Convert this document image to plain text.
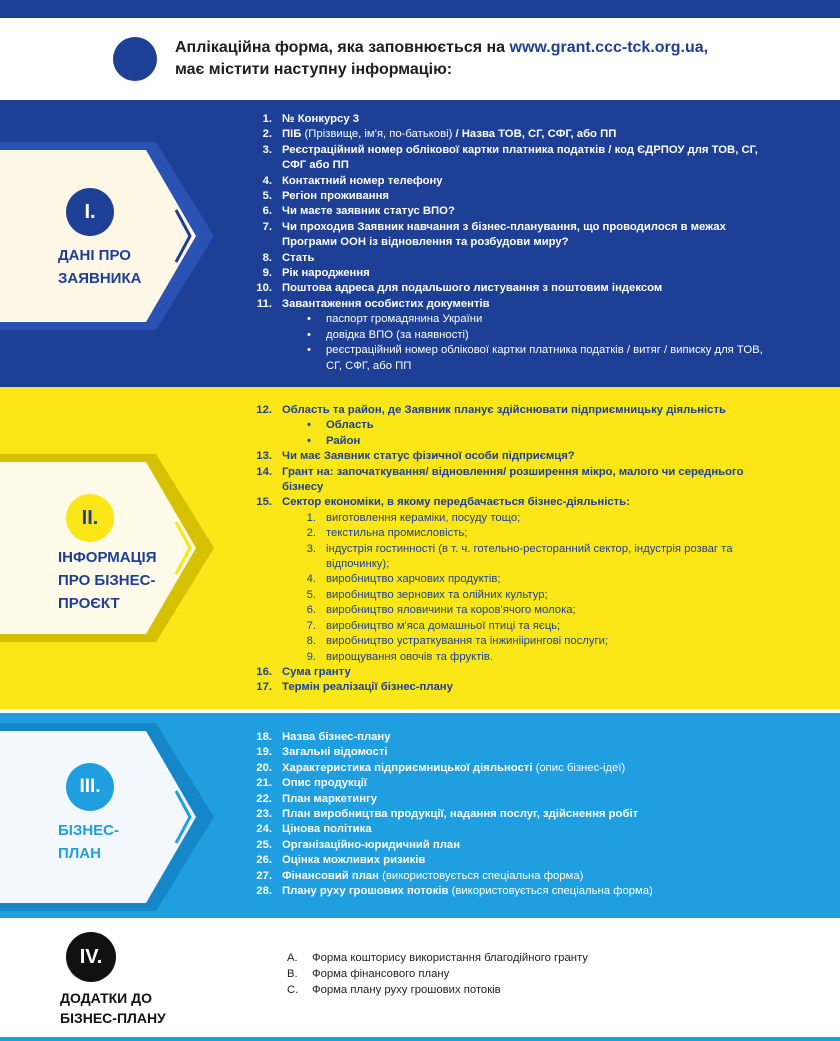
Аплікаційна форма, яка заповнюється на www.grant.ccc-tck.org.ua,
має містити наступну інформацію:
I.
ДАНІ ПРО
ЗАЯВНИКА
1. № Конкурсу 3
2. ПІБ (Прізвище, ім'я, по-батькові) / Назва ТОВ, СГ, СФГ, або ПП
3. Реєстраційний номер облікової картки платника податків / код ЄДРПОУ для ТОВ, СГ, СФГ або ПП
4. Контактний номер телефону
5. Регіон проживання
6. Чи маєте заявник статус ВПО?
7. Чи проходив Заявник навчання з бізнес-планування, що проводилося в межах Програми ООН із відновлення та розбудови миру?
8. Стать
9. Рік народження
10. Поштова адреса для подальшого листування з поштовим індексом
11. Завантаження особистих документів
• паспорт громадянина України
• довідка ВПО (за наявності)
• реєстраційний номер облікової картки платника податків / витяг / виписку для ТОВ, СГ, СФГ, або ПП
II.
ІНФОРМАЦІЯ
ПРО БІЗНЕС-
ПРОЄКТ
12. Область та район, де Заявник планує здійснювати підприємницьку діяльність
• Область
• Район
13. Чи має Заявник статус фізичної особи підприємця?
14. Грант на: започаткування/ відновлення/ розширення мікро, малого чи середнього бізнесу
15. Сектор економіки, в якому передбачається бізнес-діяльність:
1. виготовлення кераміки, посуду тощо;
2. текстильна промисловість;
3. індустрія гостинності (в т. ч. готельно-ресторанний сектор, індустрія розваг та відпочинку);
4. виробництво харчових продуктів;
5. виробництво зернових та олійних культур;
6. виробництво яловичини та коров'ячого молока;
7. виробництво м'яса домашньої птиці та яєць;
8. виробництво устраткування та інжиніірингові послуги;
9. вирощування овочів та фруктів.
16. Сума гранту
17. Термін реалізації бізнес-плану
III.
БІЗНЕС-
ПЛАН
18. Назва бізнес-плану
19. Загальні відомості
20. Характеристика підприємницької діяльності (опис бізнес-ідеї)
21. Опис продукції
22. План маркетингу
23. План виробництва продукції, надання послуг, здійснення робіт
24. Цінова політика
25. Організаційно-юридичний план
26. Оцінка можливих ризиків
27. Фінансовий план (використовується спеціальна форма)
28. Плану руху грошових потоків (використовується спеціальна форма)
IV.
ДОДАТКИ ДО
БІЗНЕС-ПЛАНУ
А. Форма кошторису використання благодійного гранту
В. Форма фінансового плану
С. Форма плану руху грошових потоків
